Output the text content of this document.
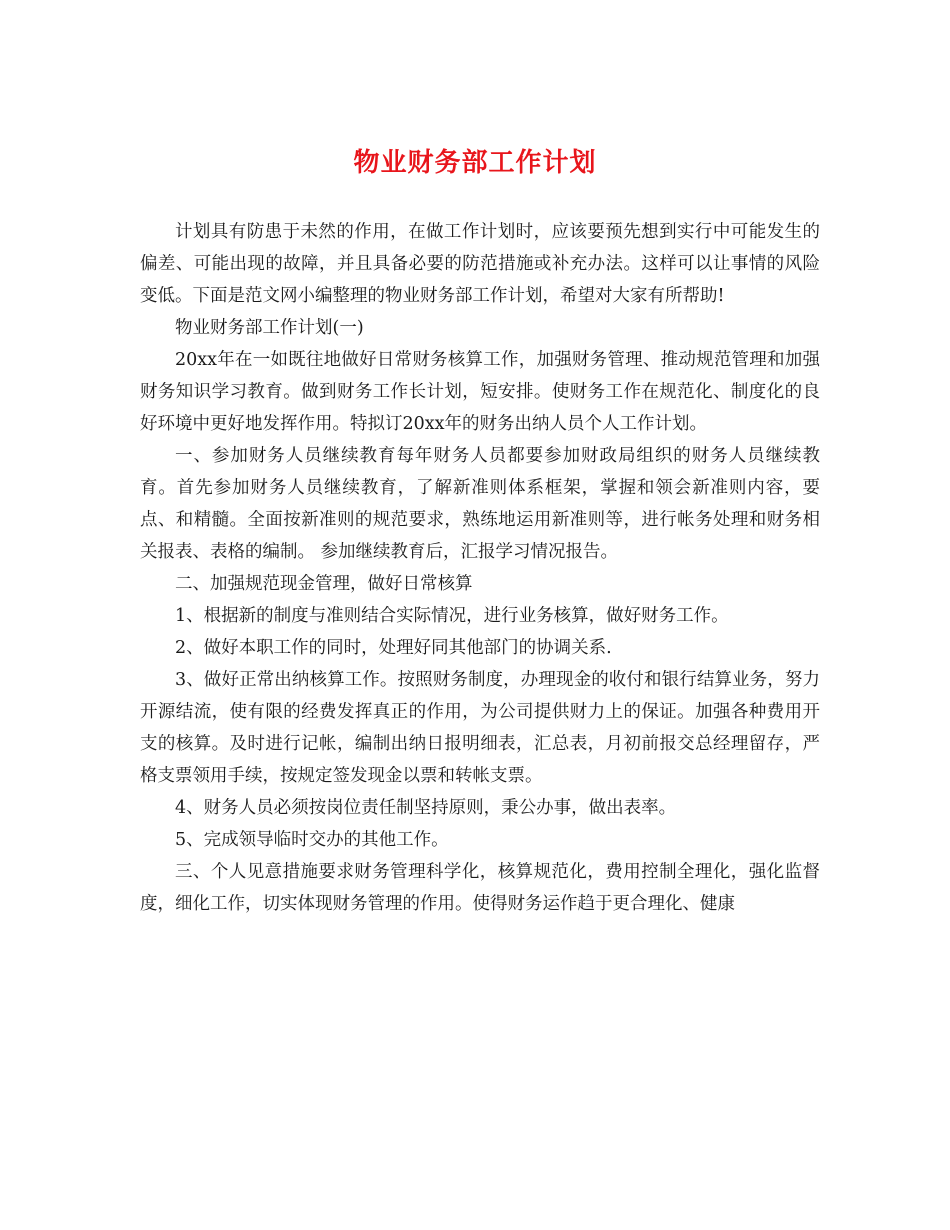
物业财务部工作计划

计划具有防患于未然的作用，在做工作计划时，应该要预先想到实行中可能发生的偏差、可能出现的故障，并且具备必要的防范措施或补充办法。这样可以让事情的风险变低。下面是范文网小编整理的物业财务部工作计划，希望对大家有所帮助!

物业财务部工作计划(一)

20xx年在一如既往地做好日常财务核算工作，加强财务管理、推动规范管理和加强财务知识学习教育。做到财务工作长计划，短安排。使财务工作在规范化、制度化的良好环境中更好地发挥作用。特拟订20xx年的财务出纳人员个人工作计划。

一、参加财务人员继续教育每年财务人员都要参加财政局组织的财务人员继续教育。首先参加财务人员继续教育，了解新准则体系框架，掌握和领会新准则内容，要点、和精髓。全面按新准则的规范要求，熟练地运用新准则等，进行帐务处理和财务相关报表、表格的编制。 参加继续教育后，汇报学习情况报告。

二、加强规范现金管理，做好日常核算

1、根据新的制度与准则结合实际情况，进行业务核算，做好财务工作。

2、做好本职工作的同时，处理好同其他部门的协调关系.

3、做好正常出纳核算工作。按照财务制度，办理现金的收付和银行结算业务，努力开源结流，使有限的经费发挥真正的作用，为公司提供财力上的保证。加强各种费用开支的核算。及时进行记帐，编制出纳日报明细表，汇总表，月初前报交总经理留存，严格支票领用手续，按规定签发现金以票和转帐支票。

4、财务人员必须按岗位责任制坚持原则，秉公办事，做出表率。

5、完成领导临时交办的其他工作。

三、个人见意措施要求财务管理科学化，核算规范化，费用控制全理化，强化监督度，细化工作，切实体现财务管理的作用。使得财务运作趋于更合理化、健康
